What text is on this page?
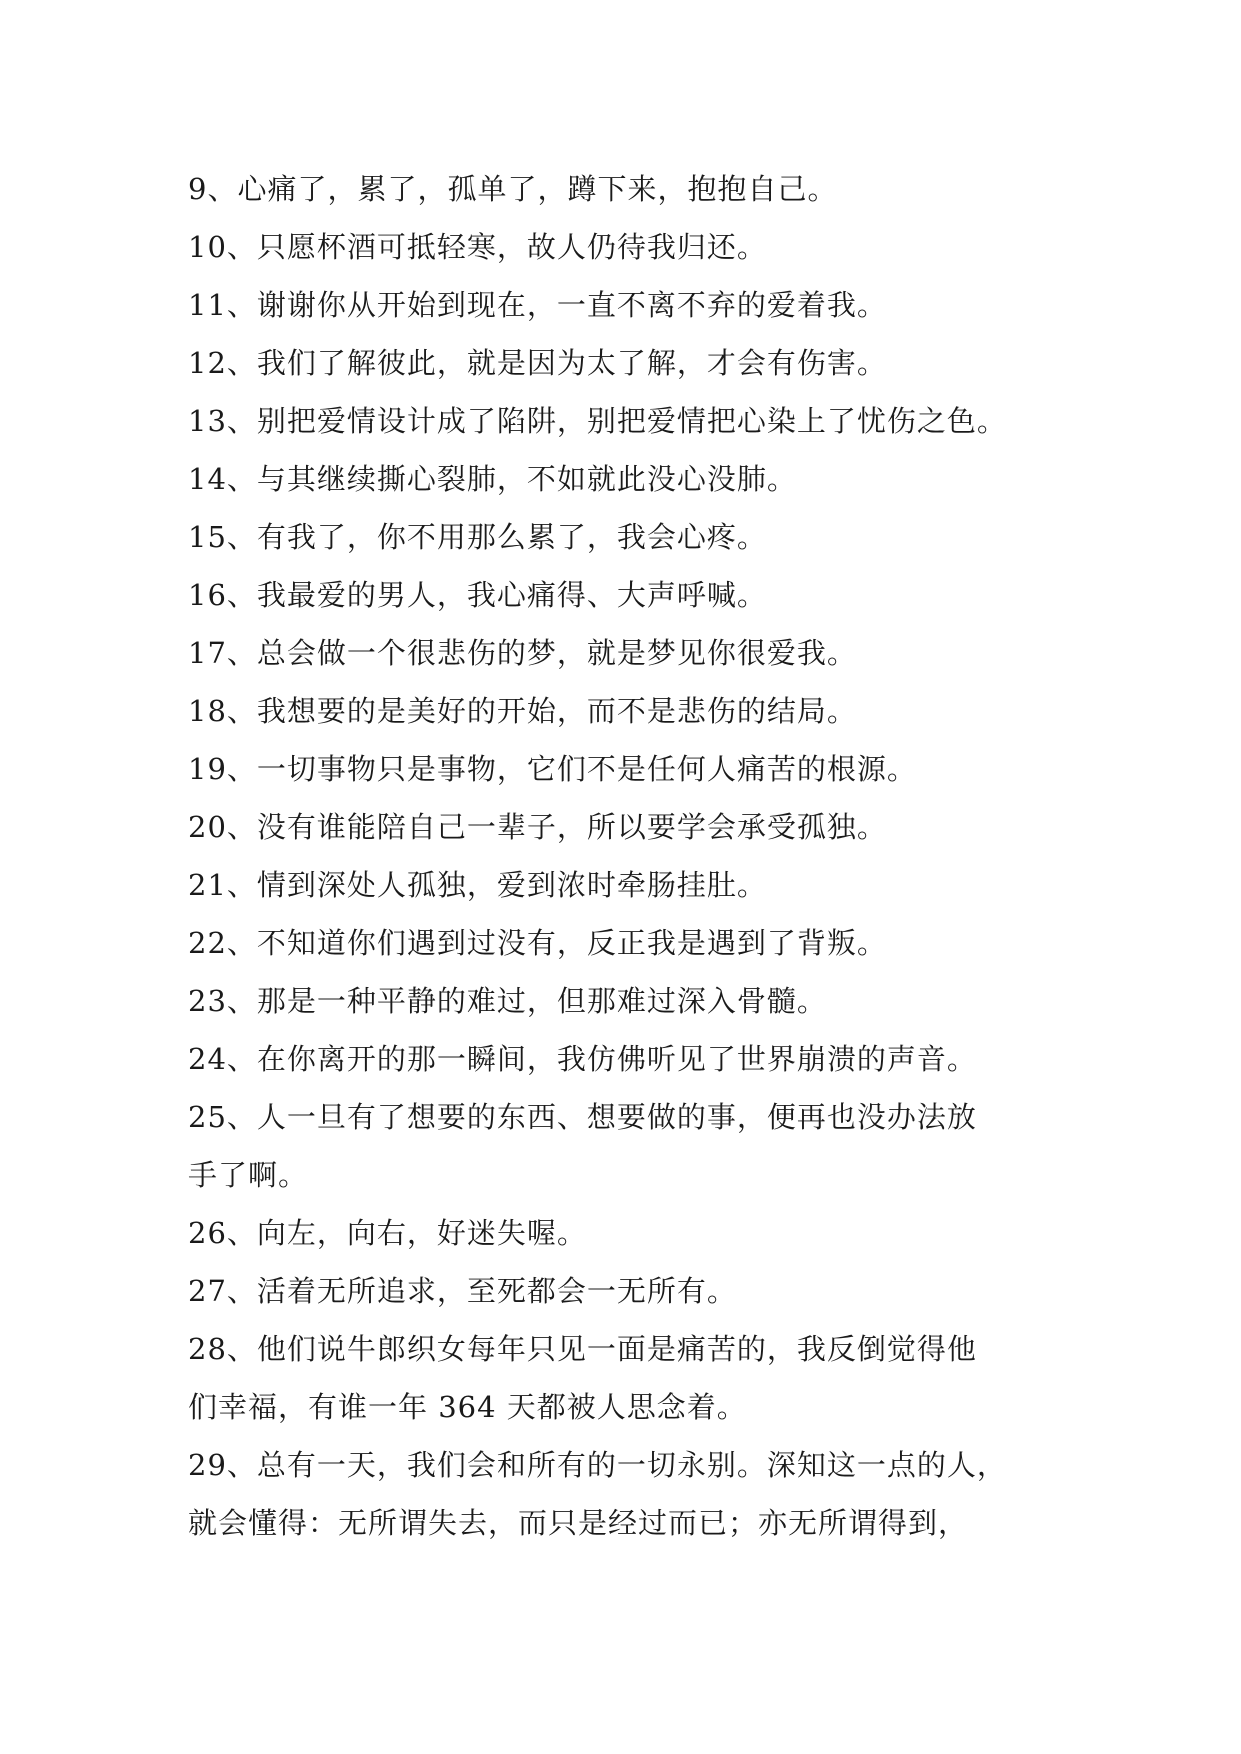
9、心痛了，累了，孤单了，蹲下来，抱抱自己。
10、只愿杯酒可抵轻寒，故人仍待我归还。
11、谢谢你从开始到现在，一直不离不弃的爱着我。
12、我们了解彼此，就是因为太了解，才会有伤害。
13、别把爱情设计成了陷阱，别把爱情把心染上了忧伤之色。
14、与其继续撕心裂肺，不如就此没心没肺。
15、有我了，你不用那么累了，我会心疼。
16、我最爱的男人，我心痛得、大声呼喊。
17、总会做一个很悲伤的梦，就是梦见你很爱我。
18、我想要的是美好的开始，而不是悲伤的结局。
19、一切事物只是事物，它们不是任何人痛苦的根源。
20、没有谁能陪自己一辈子，所以要学会承受孤独。
21、情到深处人孤独，爱到浓时牵肠挂肚。
22、不知道你们遇到过没有，反正我是遇到了背叛。
23、那是一种平静的难过，但那难过深入骨髓。
24、在你离开的那一瞬间，我仿佛听见了世界崩溃的声音。
25、人一旦有了想要的东西、想要做的事，便再也没办法放
手了啊。
26、向左，向右，好迷失喔。
27、活着无所追求，至死都会一无所有。
28、他们说牛郎织女每年只见一面是痛苦的，我反倒觉得他
们幸福，有谁一年 364 天都被人思念着。
29、总有一天，我们会和所有的一切永别。深知这一点的人，
就会懂得：无所谓失去，而只是经过而已；亦无所谓得到，
